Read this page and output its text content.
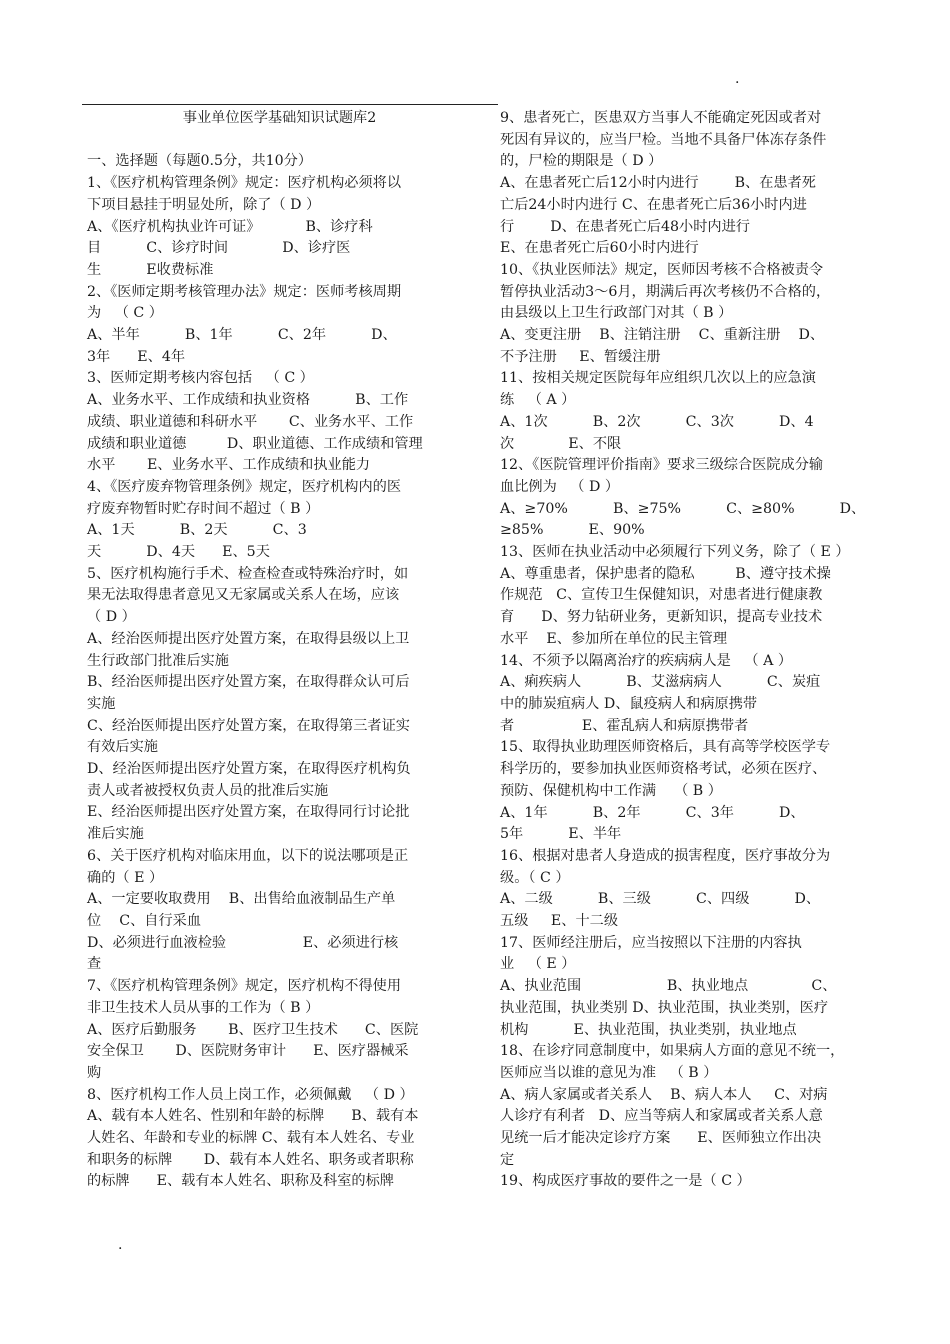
.

事业单位医学基础知识试题库2

一、选择题（每题0.5分，共10分）

1、《医疗机构管理条例》规定：医疗机构必须将以

下项目悬挂于明显处所，除了（ D ）

A、《医疗机构执业许可证》          B、诊疗科

目          C、诊疗时间            D、诊疗医

生          E收费标准

2、《医师定期考核管理办法》规定：医师考核周期

为   （ C ）

A、半年          B、1年          C、2年          D、

3年      E、4年

3、医师定期考核内容包括   （ C ）

A、业务水平、工作成绩和执业资格          B、工作

成绩、职业道德和科研水平       C、业务水平、工作

成绩和职业道德         D、职业道德、工作成绩和管理

水平       E、业务水平、工作成绩和执业能力

4、《医疗废弃物管理条例》规定，医疗机构内的医

疗废弃物暂时贮存时间不超过（ B ）

A、1天          B、2天          C、3

天          D、4天      E、5天

5、医疗机构施行手术、检查检查或特殊治疗时，如

果无法取得患者意见又无家属或关系人在场，应该

（ D ）

A、经治医师提出医疗处置方案，在取得县级以上卫

生行政部门批准后实施

B、经治医师提出医疗处置方案，在取得群众认可后

实施

C、经治医师提出医疗处置方案，在取得第三者证实

有效后实施

D、经治医师提出医疗处置方案，在取得医疗机构负

责人或者被授权负责人员的批准后实施

E、经治医师提出医疗处置方案，在取得同行讨论批

准后实施

6、关于医疗机构对临床用血，以下的说法哪项是正

确的（ E ）

A、一定要收取费用    B、出售给血液制品生产单

位    C、自行采血

D、必须进行血液检验                 E、必须进行核

查

7、《医疗机构管理条例》规定，医疗机构不得使用

非卫生技术人员从事的工作为（ B ）

A、医疗后勤服务       B、医疗卫生技术      C、医院

安全保卫       D、医院财务审计      E、医疗器械采

购

8、医疗机构工作人员上岗工作，必须佩戴   （ D ）

A、载有本人姓名、性别和年龄的标牌      B、载有本

人姓名、年龄和专业的标牌 C、载有本人姓名、专业

和职务的标牌       D、载有本人姓名、职务或者职称

的标牌      E、载有本人姓名、职称及科室的标牌

9、患者死亡，医患双方当事人不能确定死因或者对

死因有异议的，应当尸检。当地不具备尸体冻存条件

的，尸检的期限是（ D ）

A、在患者死亡后12小时内进行        B、在患者死

亡后24小时内进行 C、在患者死亡后36小时内进

行        D、在患者死亡后48小时内进行

E、在患者死亡后60小时内进行

10、《执业医师法》规定，医师因考核不合格被责令

暂停执业活动3～6月，期满后再次考核仍不合格的，

由县级以上卫生行政部门对其（ B ）

A、变更注册    B、注销注册    C、重新注册    D、

不予注册     E、暂缓注册

11、按相关规定医院每年应组织几次以上的应急演

练   （ A ）

A、1次          B、2次          C、3次          D、4

次            E、不限

12、《医院管理评价指南》要求三级综合医院成分输

血比例为   （ D ）

A、≥70%          B、≥75%          C、≥80%          D、

≥85%          E、90%

13、医师在执业活动中必须履行下列义务，除了（ E ）

A、尊重患者，保护患者的隐私         B、遵守技术操

作规范   C、宣传卫生保健知识，对患者进行健康教

育      D、努力钻研业务，更新知识，提高专业技术

水平    E、参加所在单位的民主管理

14、不须予以隔离治疗的疾病病人是   （ A ）

A、痢疾病人          B、艾滋病病人          C、炭疽

中的肺炭疽病人 D、鼠疫病人和病原携带

者               E、霍乱病人和病原携带者

15、取得执业助理医师资格后，具有高等学校医学专

科学历的，要参加执业医师资格考试，必须在医疗、

预防、保健机构中工作满    （ B ）

A、1年          B、2年          C、3年          D、

5年          E、半年

16、根据对患者人身造成的损害程度，医疗事故分为

级。（ C ）

A、二级          B、三级          C、四级          D、

五级     E、十二级

17、医师经注册后，应当按照以下注册的内容执

业   （ E ）

A、执业范围                   B、执业地点              C、

执业范围，执业类别 D、执业范围，执业类别，医疗

机构          E、执业范围，执业类别，执业地点

18、在诊疗同意制度中，如果病人方面的意见不统一，

医师应当以谁的意见为准   （ B ）

A、病人家属或者关系人    B、病人本人     C、对病

人诊疗有利者   D、应当等病人和家属或者关系人意

见统一后才能决定诊疗方案      E、医师独立作出决

定

19、构成医疗事故的要件之一是（ C ）

.
